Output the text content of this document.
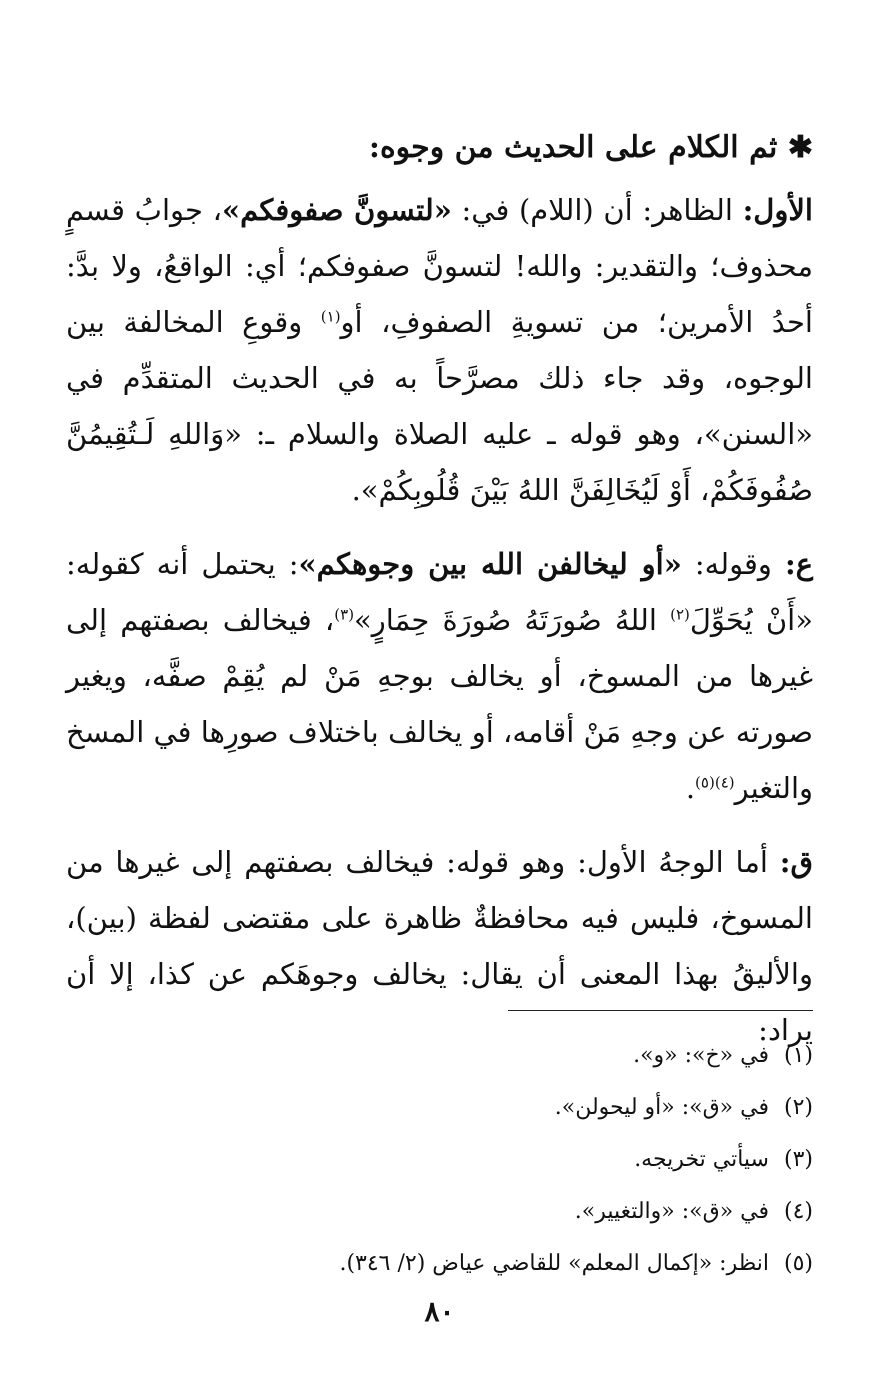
✱ ثم الكلام على الحديث من وجوه:

الأول: الظاهر: أن (اللام) في: «لتسونَّ صفوفكم»، جوابُ قسمٍ محذوف؛ والتقدير: والله! لتسونَّ صفوفكم؛ أي: الواقعُ، ولا بدَّ: أحدُ الأمرين؛ من تسويةِ الصفوفِ، أو$^{(١)}$ وقوعِ المخالفة بين الوجوه، وقد جاء ذلك مصرَّحاً به في الحديث المتقدِّم في «السنن»، وهو قوله ـ عليه الصلاة والسلام ـ: «وَاللهِ لَـتُقِيمُنَّ صُفُوفَكُمْ، أَوْ لَيُخَالِفَنَّ اللهُ بَيْنَ قُلُوبِكُمْ».

ع: وقوله: «أو ليخالفن الله بين وجوهكم»: يحتمل أنه كقوله: «أَنْ يُحَوِّلَ$^{(٢)}$ اللهُ صُورَتَهُ صُورَةَ حِمَارٍ»$^{(٣)}$، فيخالف بصفتهم إلى غيرها من المسوخ، أو يخالف بوجهِ مَنْ لم يُقِمْ صفَّه، ويغير صورته عن وجهِ مَنْ أقامه، أو يخالف باختلاف صورِها في المسخ والتغير$^{(٤)(٥)}$.

ق: أما الوجهُ الأول: وهو قوله: فيخالف بصفتهم إلى غيرها من المسوخ، فليس فيه محافظةٌ ظاهرة على مقتضى لفظة (بين)، والأليقُ بهذا المعنى أن يقال: يخالف وجوهَكم عن كذا، إلا أن يراد:

(١)في «خ»: «و».
(٢)في «ق»: «أو ليحولن».
(٣)سيأتي تخريجه.
(٤)في «ق»: «والتغيير».
(٥)انظر: «إكمال المعلم» للقاضي عياض (٢/ ٣٤٦).
٨٠
